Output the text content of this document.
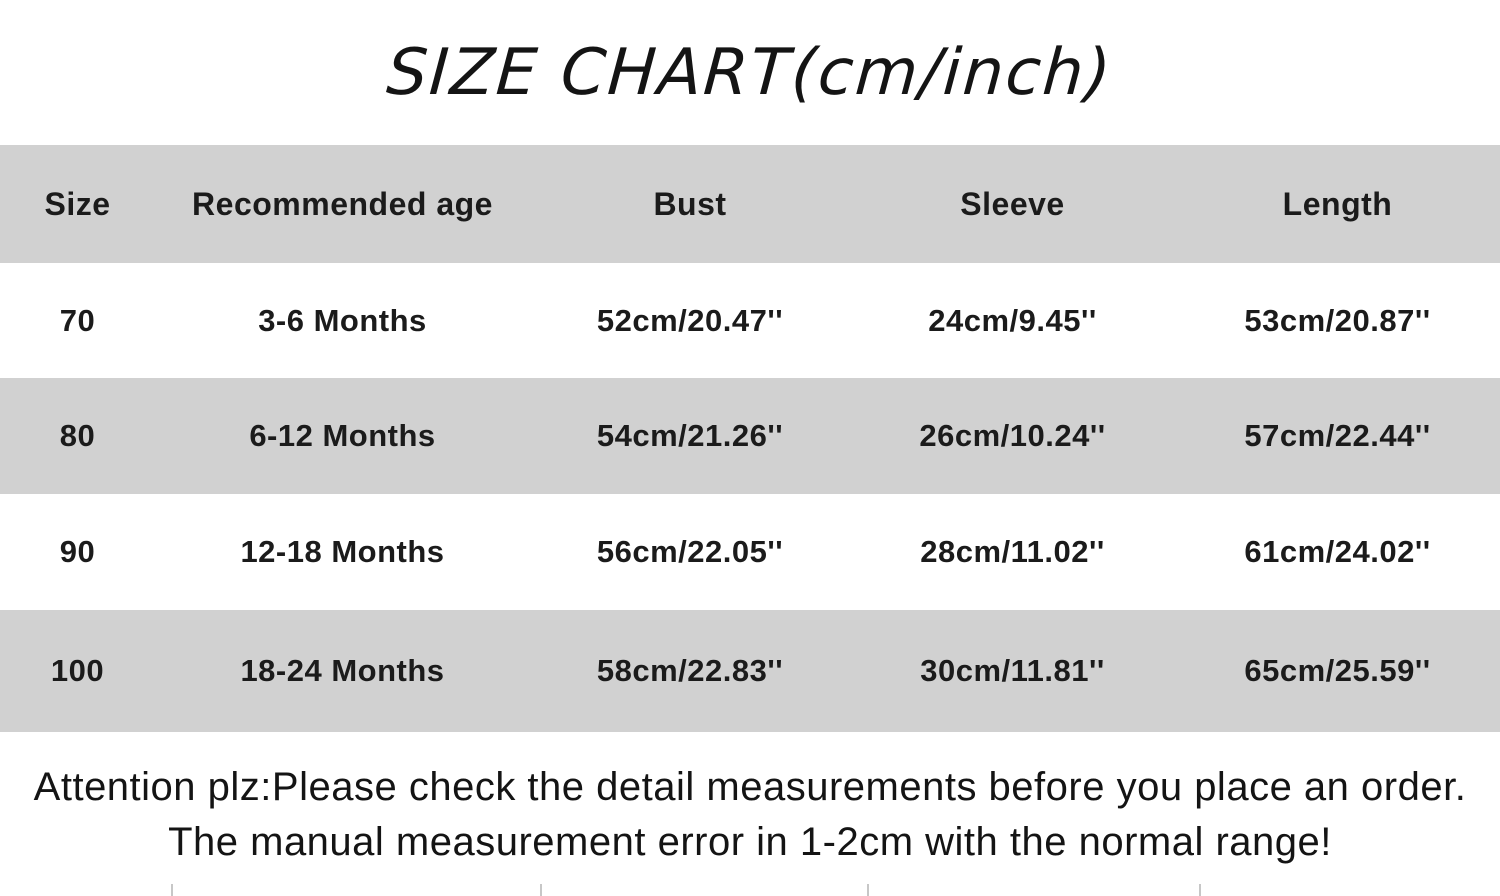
SIZE CHART(cm/inch)
Size	Recommended age	Bust	Sleeve	Length
70	3-6 Months	52cm/20.47''	24cm/9.45''	53cm/20.87''
80	6-12 Months	54cm/21.26''	26cm/10.24''	57cm/22.44''
90	12-18 Months	56cm/22.05''	28cm/11.02''	61cm/24.02''
100	18-24 Months	58cm/22.83''	30cm/11.81''	65cm/25.59''
Attention plz:Please check the detail measurements before you place an order.
The manual measurement error in 1-2cm with the normal range!
